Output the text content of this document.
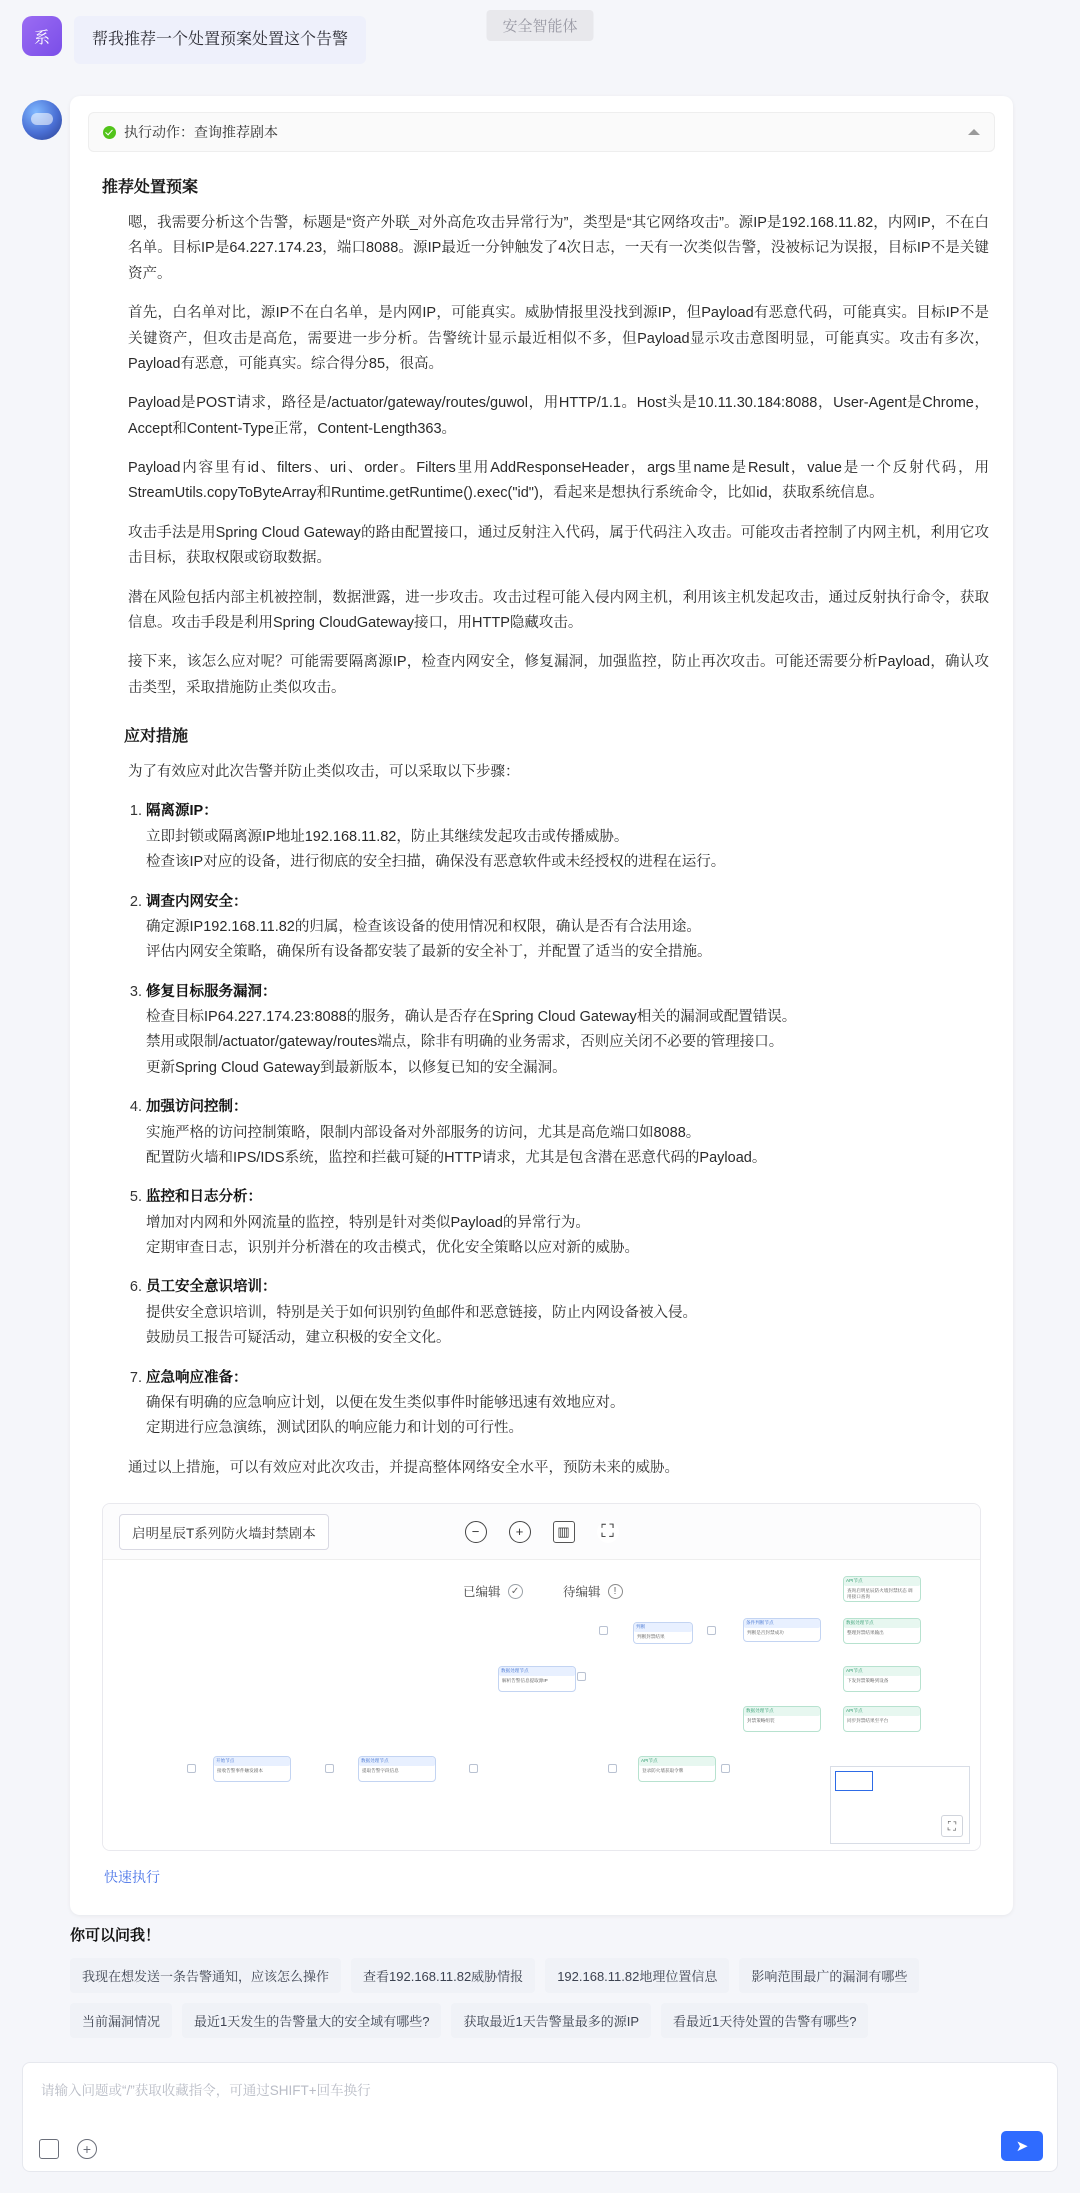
安全智能体
系	帮我推荐一个处置预案处置这个告警
执行动作：查询推荐剧本
推荐处置预案
嗯，我需要分析这个告警，标题是“资产外联_对外高危攻击异常行为”，类型是“其它网络攻击”。源IP是192.168.11.82，内网IP，不在白名单。目标IP是64.227.174.23，端口8088。源IP最近一分钟触发了4次日志，一天有一次类似告警，没被标记为误报，目标IP不是关键资产。
首先，白名单对比，源IP不在白名单，是内网IP，可能真实。威胁情报里没找到源IP，但Payload有恶意代码，可能真实。目标IP不是关键资产，但攻击是高危，需要进一步分析。告警统计显示最近相似不多，但Payload显示攻击意图明显，可能真实。攻击有多次，Payload有恶意，可能真实。综合得分85，很高。
Payload是POST请求，路径是/actuator/gateway/routes/guwol，用HTTP/1.1。Host头是10.11.30.184:8088，User-Agent是Chrome，Accept和Content-Type正常，Content-Length363。
Payload内容里有id、filters、uri、order。Filters里用AddResponseHeader，args里name是Result，value是一个反射代码，用StreamUtils.copyToByteArray和Runtime.getRuntime().exec("id")，看起来是想执行系统命令，比如id，获取系统信息。
攻击手法是用Spring Cloud Gateway的路由配置接口，通过反射注入代码，属于代码注入攻击。可能攻击者控制了内网主机，利用它攻击目标，获取权限或窃取数据。
潜在风险包括内部主机被控制，数据泄露，进一步攻击。攻击过程可能入侵内网主机，利用该主机发起攻击，通过反射执行命令，获取信息。攻击手段是利用Spring CloudGateway接口，用HTTP隐藏攻击。
接下来，该怎么应对呢？可能需要隔离源IP，检查内网安全，修复漏洞，加强监控，防止再次攻击。可能还需要分析Payload，确认攻击类型，采取措施防止类似攻击。
应对措施
为了有效应对此次告警并防止类似攻击，可以采取以下步骤：
1. 隔离源IP：
立即封锁或隔离源IP地址192.168.11.82，防止其继续发起攻击或传播威胁。
检查该IP对应的设备，进行彻底的安全扫描，确保没有恶意软件或未经授权的进程在运行。
2. 调查内网安全：
确定源IP192.168.11.82的归属，检查该设备的使用情况和权限，确认是否有合法用途。
评估内网安全策略，确保所有设备都安装了最新的安全补丁，并配置了适当的安全措施。
3. 修复目标服务漏洞：
检查目标IP64.227.174.23:8088的服务，确认是否存在Spring Cloud Gateway相关的漏洞或配置错误。
禁用或限制/actuator/gateway/routes端点，除非有明确的业务需求，否则应关闭不必要的管理接口。
更新Spring Cloud Gateway到最新版本，以修复已知的安全漏洞。
4. 加强访问控制：
实施严格的访问控制策略，限制内部设备对外部服务的访问，尤其是高危端口如8088。
配置防火墙和IPS/IDS系统，监控和拦截可疑的HTTP请求，尤其是包含潜在恶意代码的Payload。
5. 监控和日志分析：
增加对内网和外网流量的监控，特别是针对类似Payload的异常行为。
定期审查日志，识别并分析潜在的攻击模式，优化安全策略以应对新的威胁。
6. 员工安全意识培训：
提供安全意识培训，特别是关于如何识别钓鱼邮件和恶意链接，防止内网设备被入侵。
鼓励员工报告可疑活动，建立积极的安全文化。
7. 应急响应准备：
确保有明确的应急响应计划，以便在发生类似事件时能够迅速有效地应对。
定期进行应急演练，测试团队的响应能力和计划的可行性。
通过以上措施，可以有效应对此次攻击，并提高整体网络安全水平，预防未来的威胁。
启明星辰T系列防火墙封禁剧本	−	+	▥ ⛶
已编辑	✓	待编辑	!
API节点
查询启明星辰防火墙封禁状态 调用接口查询
判断
判断封禁结果
条件判断节点
判断是否封禁成功
数据处理节点
整理封禁结果输出
数据处理节点
解析告警信息提取源IP
API节点
下发封禁策略到设备
数据处理节点
封禁策略组装
API节点
同步封禁结果至平台
开始节点
接收告警事件触发剧本
数据处理节点
提取告警字段信息
API节点
登录防火墙获取令牌
⛶
快速执行
你可以问我！
我现在想发送一条告警通知，应该怎么操作	查看192.168.11.82威胁情报	192.168.11.82地理位置信息	影响范围最广的漏洞有哪些
当前漏洞情况	最近1天发生的告警量大的安全域有哪些?	获取最近1天告警量最多的源IP	看最近1天待处置的告警有哪些?
请输入问题或“/”获取收藏指令，可通过SHIFT+回车换行
+	➤
